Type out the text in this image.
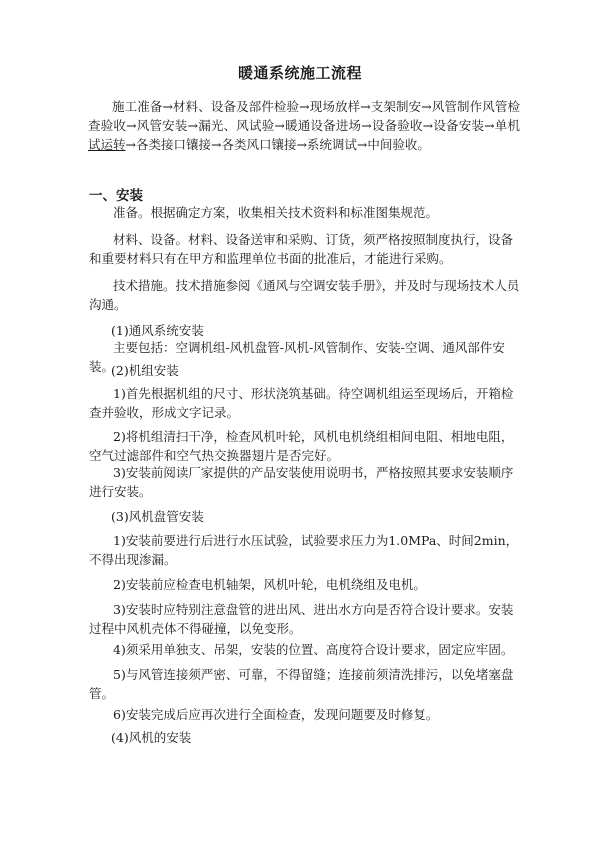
暖通系统施工流程
施工准备→材料、设备及部件检验→现场放样→支架制安→风管制作风管检查验收→风管安装→漏光、风试验→暖通设备进场→设备验收→设备安装→单机试运转→各类接口镶接→各类风口镶接→系统调试→中间验收。
一、安装
准备。根据确定方案，收集相关技术资料和标准图集规范。
材料、设备。材料、设备送审和采购、订货，须严格按照制度执行，设备和重要材料只有在甲方和监理单位书面的批准后，才能进行采购。
技术措施。技术措施参阅《通风与空调安装手册》，并及时与现场技术人员沟通。
(1)通风系统安装
主要包括：空调机组-风机盘管-风机-风管制作、安装-空调、通风部件安装。
(2)机组安装
1)首先根据机组的尺寸、形状浇筑基础。待空调机组运至现场后，开箱检查并验收，形成文字记录。
2)将机组清扫干净，检查风机叶轮，风机电机绕组相间电阻、相地电阻，空气过滤部件和空气热交换器翅片是否完好。
3)安装前阅读厂家提供的产品安装使用说明书，严格按照其要求安装顺序进行安装。
(3)风机盘管安装
1)安装前要进行后进行水压试验，试验要求压力为1.0MPa、时间2min，不得出现渗漏。
2)安装前应检查电机轴架，风机叶轮，电机绕组及电机。
3)安装时应特别注意盘管的进出风、进出水方向是否符合设计要求。安装过程中风机壳体不得碰撞，以免变形。
4)须采用单独支、吊架，安装的位置、高度符合设计要求，固定应牢固。
5)与风管连接须严密、可靠，不得留缝；连接前须清洗排污，以免堵塞盘管。
6)安装完成后应再次进行全面检查，发现问题要及时修复。
(4)风机的安装
